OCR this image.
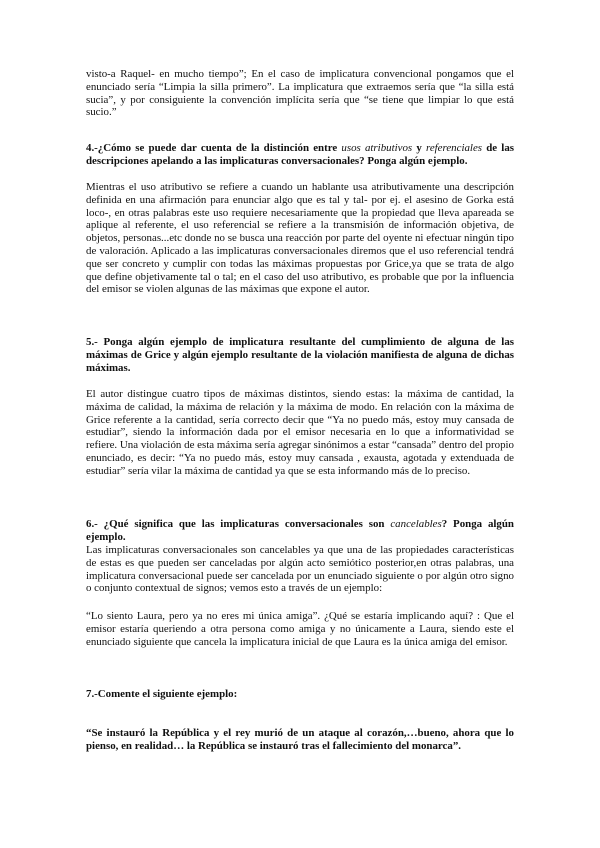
visto-a Raquel- en mucho tiempo”; En el caso de implicatura convencional pongamos que el enunciado sería “Limpia la silla primero”. La implicatura que extraemos sería que “la silla está sucia”, y por consiguiente la convención implícita sería que “se tiene que limpiar lo que está sucio.”

4.-¿Cómo se puede dar cuenta de la distinción entre usos atributivos y referenciales de las descripciones apelando a las implicaturas conversacionales? Ponga algún ejemplo.

Mientras el uso atributivo se refiere a cuando un hablante usa atributivamente una descripción definida en una afirmación para enunciar algo que es tal y tal- por ej. el asesino de Gorka está loco-, en otras palabras este uso requiere necesariamente que la propiedad que lleva apareada se aplique al referente, el uso referencial se refiere a la transmisión de información objetiva, de objetos, personas...etc donde no se busca una reacción por parte del oyente ni efectuar ningún tipo de valoración. Aplicado a las implicaturas conversacionales diremos que el uso referencial tendrá que ser concreto y cumplir con todas las máximas propuestas por Grice,ya que se trata de algo que define objetivamente tal o tal; en el caso del uso atributivo, es probable que por la influencia del emisor se violen algunas de las máximas que expone el autor.

5.- Ponga algún ejemplo de implicatura resultante del cumplimiento de alguna de las máximas de Grice y algún ejemplo resultante de la violación manifiesta de alguna de dichas máximas.

El autor distingue cuatro tipos de máximas distintos, siendo estas: la máxima de cantidad, la máxima de calidad, la máxima de relación y la máxima de modo. En relación con la máxima de Grice referente a la cantidad, sería correcto decir que “Ya no puedo más, estoy muy cansada de estudiar”, siendo la información dada por el emisor necesaria en lo que a informatividad se refiere. Una violación de esta máxima sería agregar sinónimos a estar “cansada” dentro del propio enunciado, es decir: “Ya no puedo más, estoy muy cansada , exausta, agotada y extenduada de estudiar” sería vilar la máxima de cantidad ya que se esta informando más de lo preciso.

6.- ¿Qué significa que las implicaturas conversacionales son cancelables? Ponga algún ejemplo.

Las implicaturas conversacionales son cancelables ya que una de las propiedades características de estas es que pueden ser canceladas por algún acto semiótico posterior,en otras palabras, una implicatura conversacional puede ser cancelada por un enunciado siguiente o por algún otro signo o conjunto contextual de signos; vemos esto a través de un ejemplo:

“Lo siento Laura, pero ya no eres mi única amiga”. ¿Qué se estaría implicando aquí? : Que el emisor estaría queriendo a otra persona como amiga y no únicamente a Laura, siendo este el enunciado siguiente que cancela la implicatura inicial de que Laura es la única amiga del emisor.

7.-Comente el siguiente ejemplo:

“Se instauró la República y el rey murió de un ataque al corazón,…bueno, ahora que lo pienso, en realidad… la República se instauró tras el fallecimiento del monarca”.
